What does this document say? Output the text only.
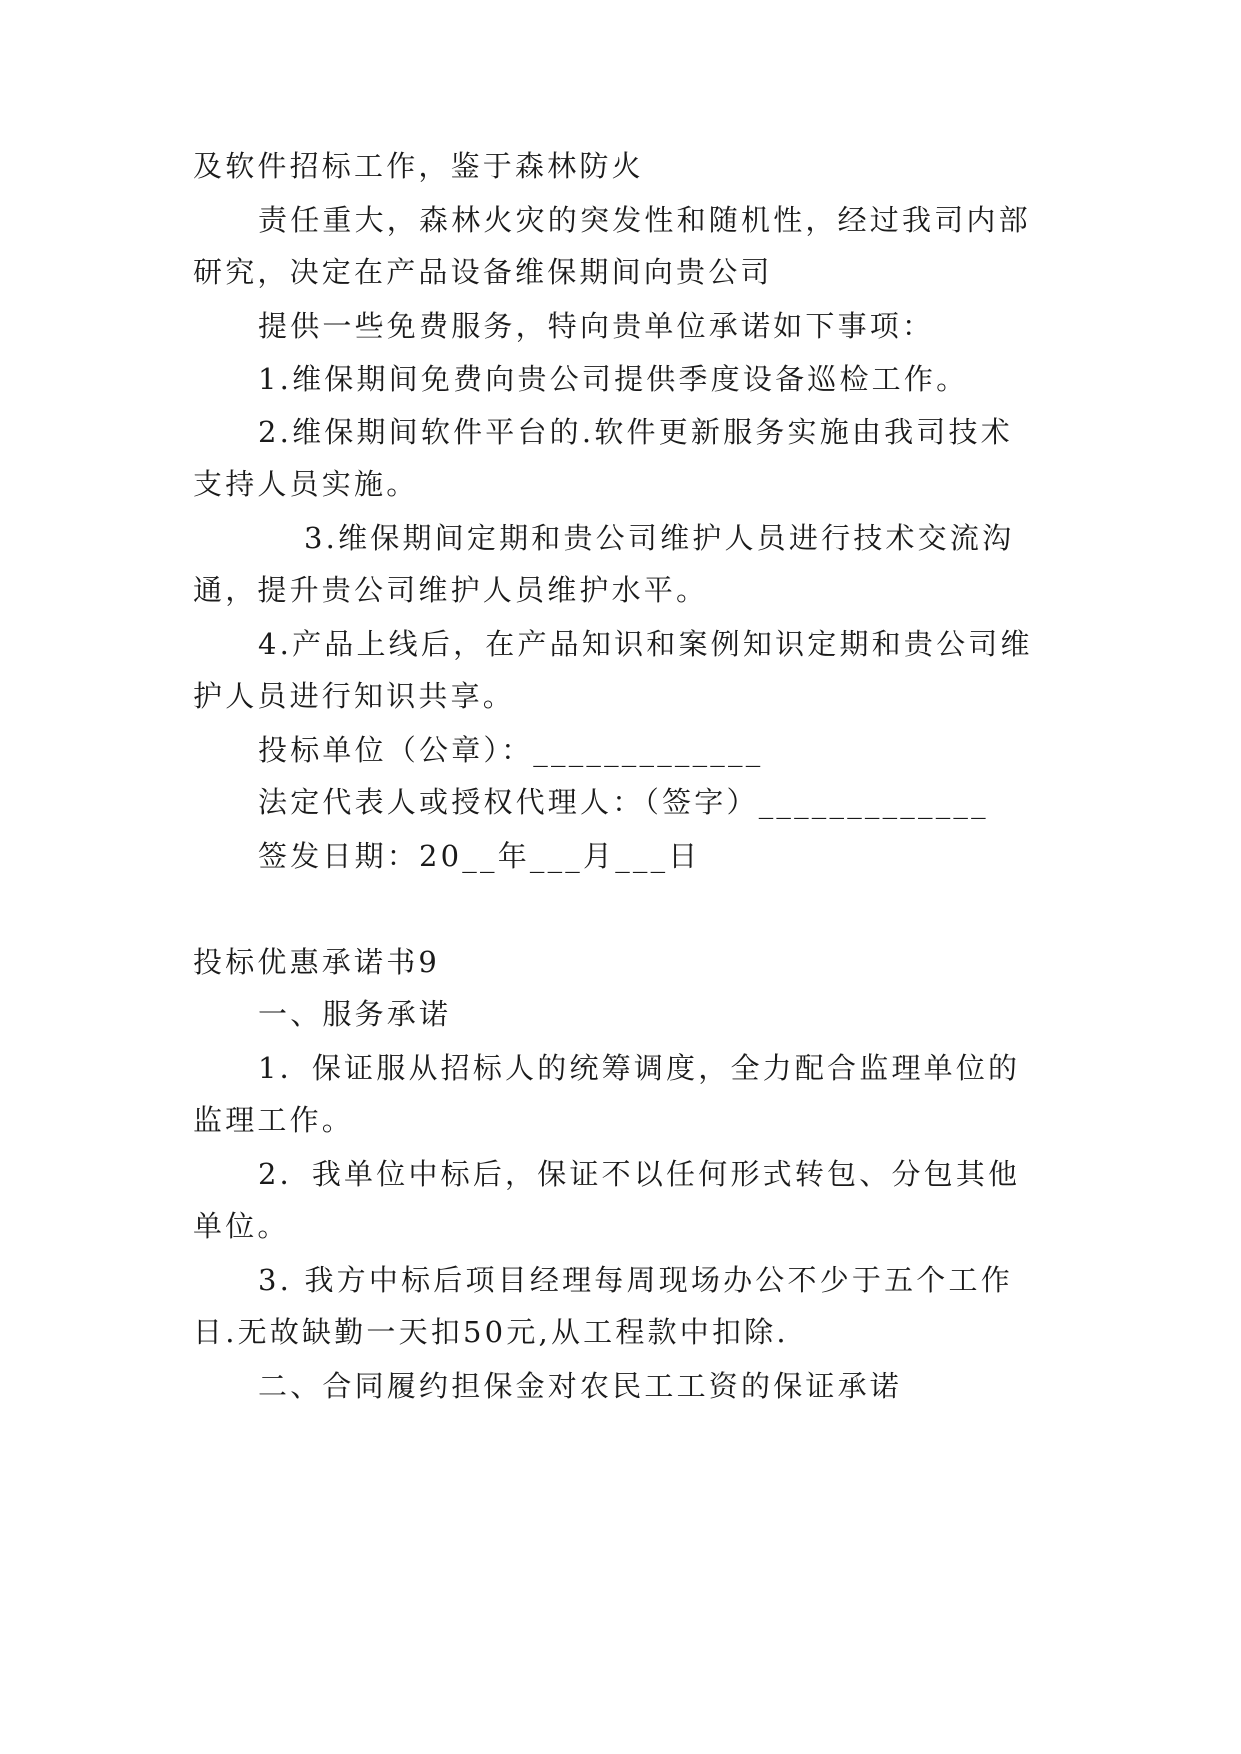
及软件招标工作，鉴于森林防火
责任重大，森林火灾的突发性和随机性，经过我司内部
研究，决定在产品设备维保期间向贵公司
提供一些免费服务，特向贵单位承诺如下事项：
1.维保期间免费向贵公司提供季度设备巡检工作。
2.维保期间软件平台的.软件更新服务实施由我司技术
支持人员实施。
3.维保期间定期和贵公司维护人员进行技术交流沟
通，提升贵公司维护人员维护水平。
4.产品上线后，在产品知识和案例知识定期和贵公司维
护人员进行知识共享。
投标单位（公章）：_____________
法定代表人或授权代理人：（签字）_____________
签发日期：20__年___月___日
投标优惠承诺书9
一、服务承诺
1．保证服从招标人的统筹调度，全力配合监理单位的
监理工作。
2．我单位中标后，保证不以任何形式转包、分包其他
单位。
3. 我方中标后项目经理每周现场办公不少于五个工作
日.无故缺勤一天扣50元,从工程款中扣除.
二、合同履约担保金对农民工工资的保证承诺
